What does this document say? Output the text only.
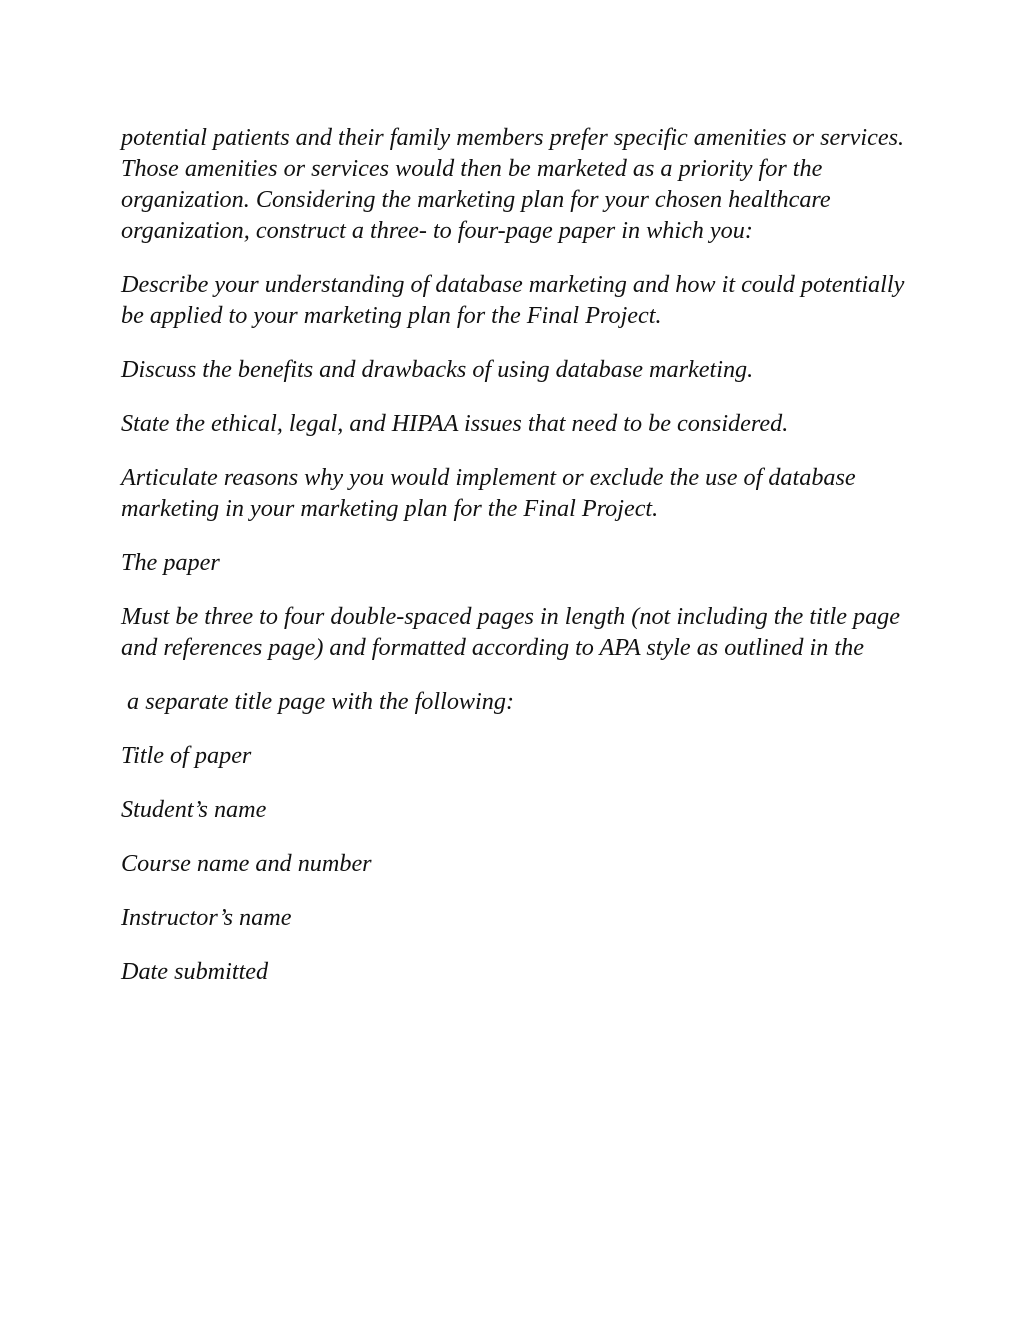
potential patients and their family members prefer specific amenities or services. Those amenities or services would then be marketed as a priority for the organization. Considering the marketing plan for your chosen healthcare organization, construct a three- to four-page paper in which you:

Describe your understanding of database marketing and how it could potentially be applied to your marketing plan for the Final Project.

Discuss the benefits and drawbacks of using database marketing.

State the ethical, legal, and HIPAA issues that need to be considered.

Articulate reasons why you would implement or exclude the use of database marketing in your marketing plan for the Final Project.

The paper

Must be three to four double-spaced pages in length (not including the title page and references page) and formatted according to APA style as outlined in the

a separate title page with the following:

Title of paper

Student’s name

Course name and number

Instructor’s name

Date submitted
